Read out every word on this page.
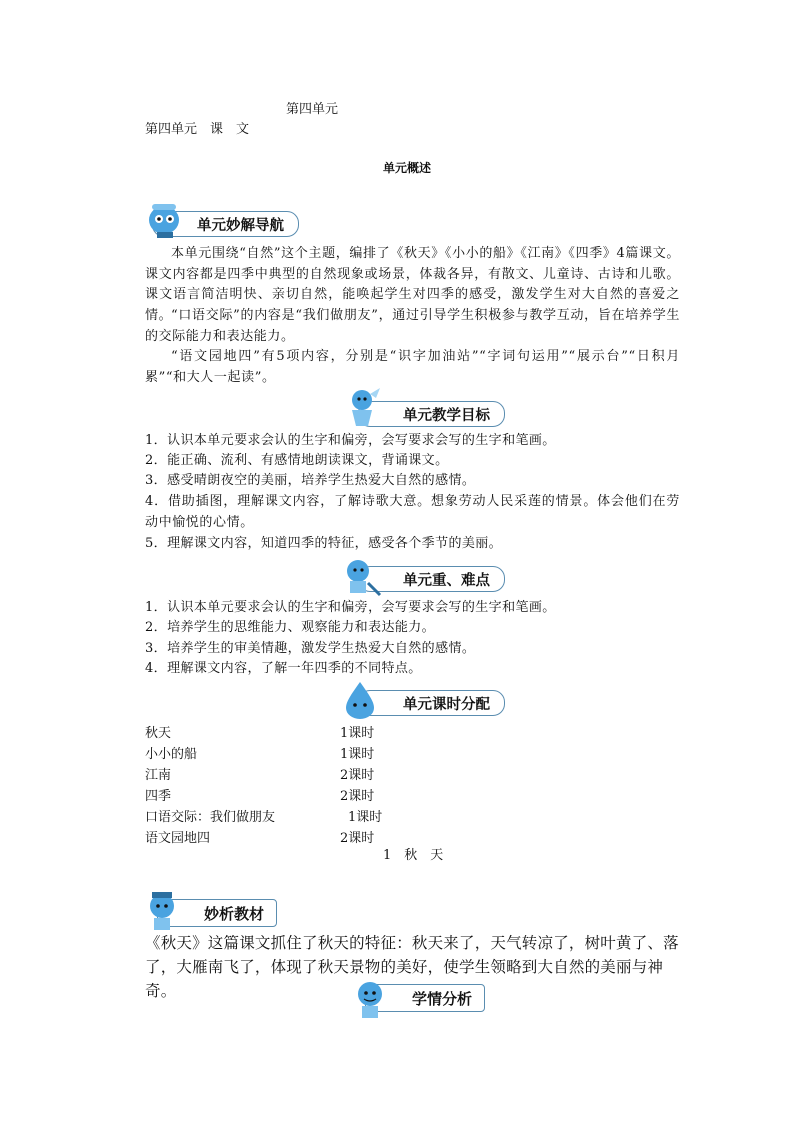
第四单元
第四单元　课　文
单元概述
单元妙解导航
本单元围绕“自然”这个主题，编排了《秋天》《小小的船》《江南》《四季》4篇课文。课文内容都是四季中典型的自然现象或场景，体裁各异，有散文、儿童诗、古诗和儿歌。课文语言简洁明快、亲切自然，能唤起学生对四季的感受，激发学生对大自然的喜爱之情。
“口语交际”的内容是“我们做朋友”，通过引导学生积极参与教学互动，旨在培养学生的交际能力和表达能力。
“语文园地四”有5项内容，分别是“识字加油站”“字词句运用”“展示台”“日积月累”“和大人一起读”。
单元教学目标
1．认识本单元要求会认的生字和偏旁，会写要求会写的生字和笔画。
2．能正确、流利、有感情地朗读课文，背诵课文。
3．感受晴朗夜空的美丽，培养学生热爱大自然的感情。
4．借助插图，理解课文内容，了解诗歌大意。想象劳动人民采莲的情景。体会他们在劳动中愉悦的心情。
5．理解课文内容，知道四季的特征，感受各个季节的美丽。
单元重、难点
1．认识本单元要求会认的生字和偏旁，会写要求会写的生字和笔画。
2．培养学生的思维能力、观察能力和表达能力。
3．培养学生的审美情趣，激发学生热爱大自然的感情。
4．理解课文内容，了解一年四季的不同特点。
单元课时分配
秋天	1课时
小小的船	1课时
江南	2课时
四季	2课时
口语交际：我们做朋友	1课时
语文园地四	2课时
1　秋　天
妙析教材
《秋天》这篇课文抓住了秋天的特征：秋天来了，天气转凉了，树叶黄了、落了，大雁南飞了，体现了秋天景物的美好，使学生领略到大自然的美丽与神奇。	学情分析
